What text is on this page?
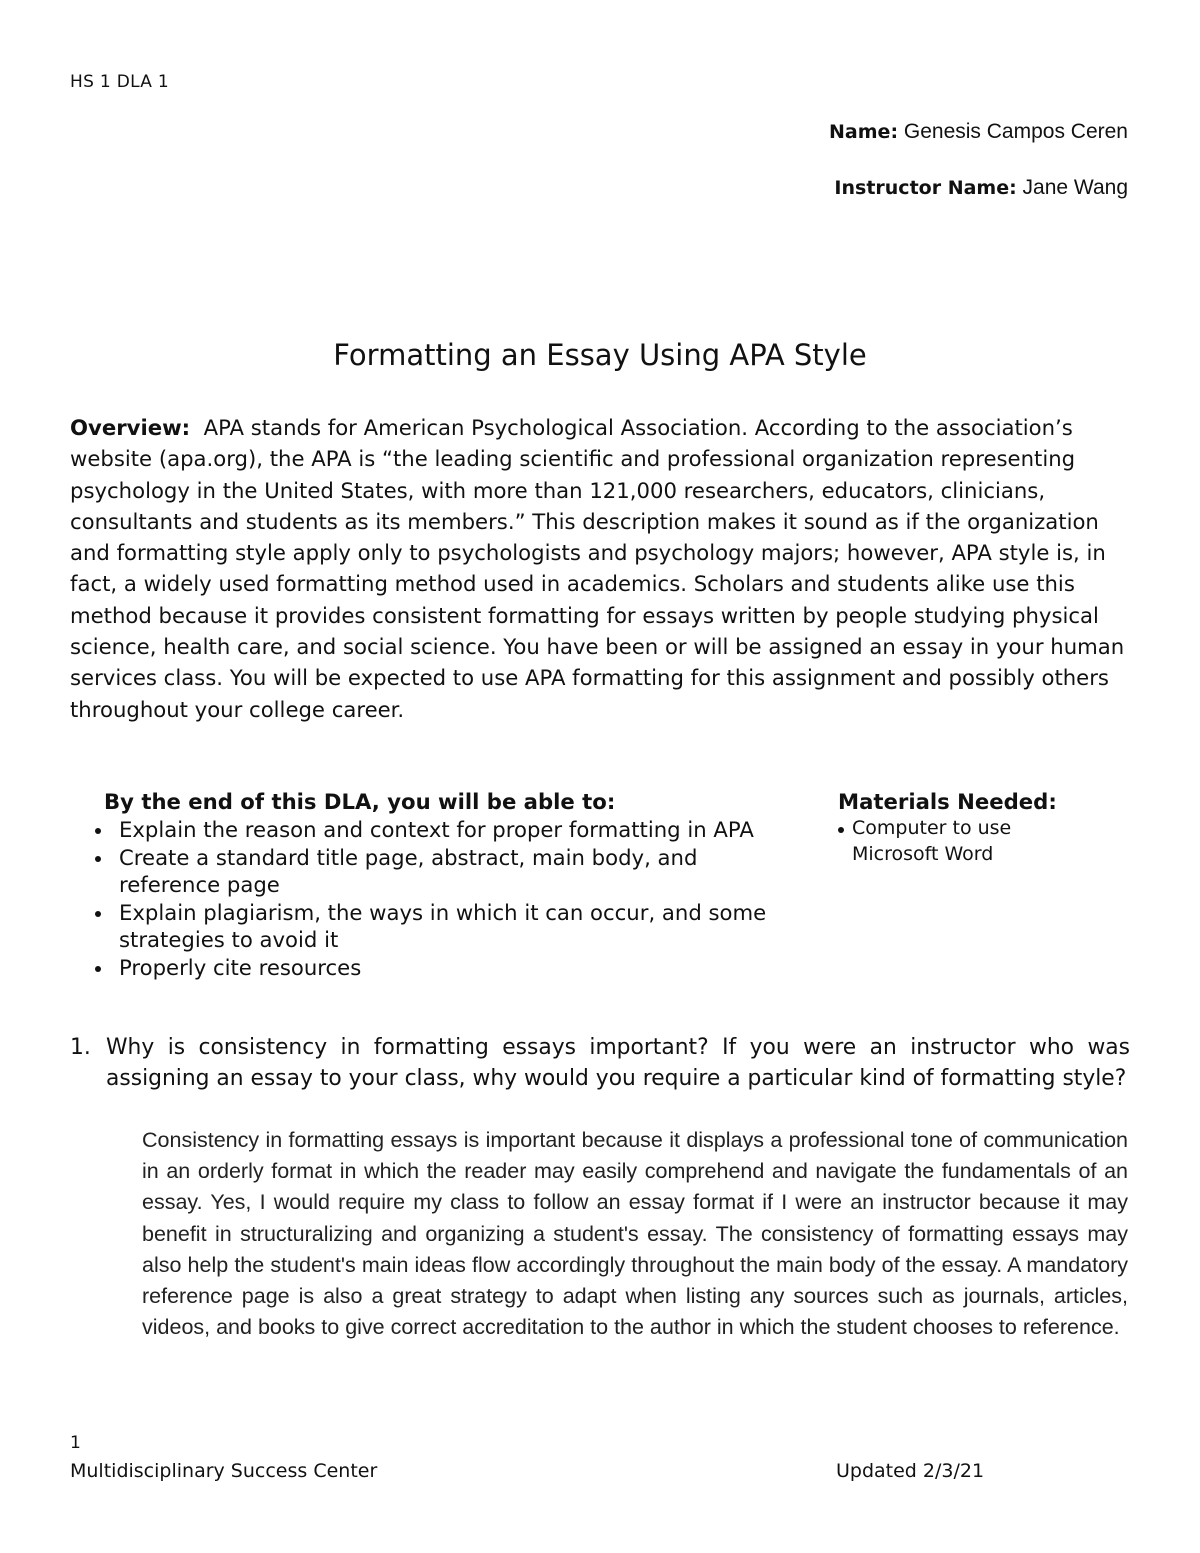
HS 1 DLA 1
Name: Genesis Campos Ceren
Instructor Name: Jane Wang
Formatting an Essay Using APA Style

Overview: APA stands for American Psychological Association. According to the association’s website (apa.org), the APA is “the leading scientific and professional organization representing psychology in the United States, with more than 121,000 researchers, educators, clinicians, consultants and students as its members.” This description makes it sound as if the organization and formatting style apply only to psychologists and psychology majors; however, APA style is, in fact, a widely used formatting method used in academics. Scholars and students alike use this method because it provides consistent formatting for essays written by people studying physical science, health care, and social science. You have been or will be assigned an essay in your human services class. You will be expected to use APA formatting for this assignment and possibly others throughout your college career.

By the end of this DLA, you will be able to:

Explain the reason and context for proper formatting in APA
Create a standard title page, abstract, main body, and reference page
Explain plagiarism, the ways in which it can occur, and some strategies to avoid it
Properly cite resources

Materials Needed:

Computer to use Microsoft Word
1. Why is consistency in formatting essays important? If you were an instructor who was assigning an essay to your class, why would you require a particular kind of formatting style?

Consistency in formatting essays is important because it displays a professional tone of communication in an orderly format in which the reader may easily comprehend and navigate the fundamentals of an essay. Yes, I would require my class to follow an essay format if I were an instructor because it may benefit in structuralizing and organizing a student's essay. The consistency of formatting essays may also help the student's main ideas flow accordingly throughout the main body of the essay. A mandatory reference page is also a great strategy to adapt when listing any sources such as journals, articles, videos, and books to give correct accreditation to the author in which the student chooses to reference.

1
Multidisciplinary Success Center	Updated 2/3/21
